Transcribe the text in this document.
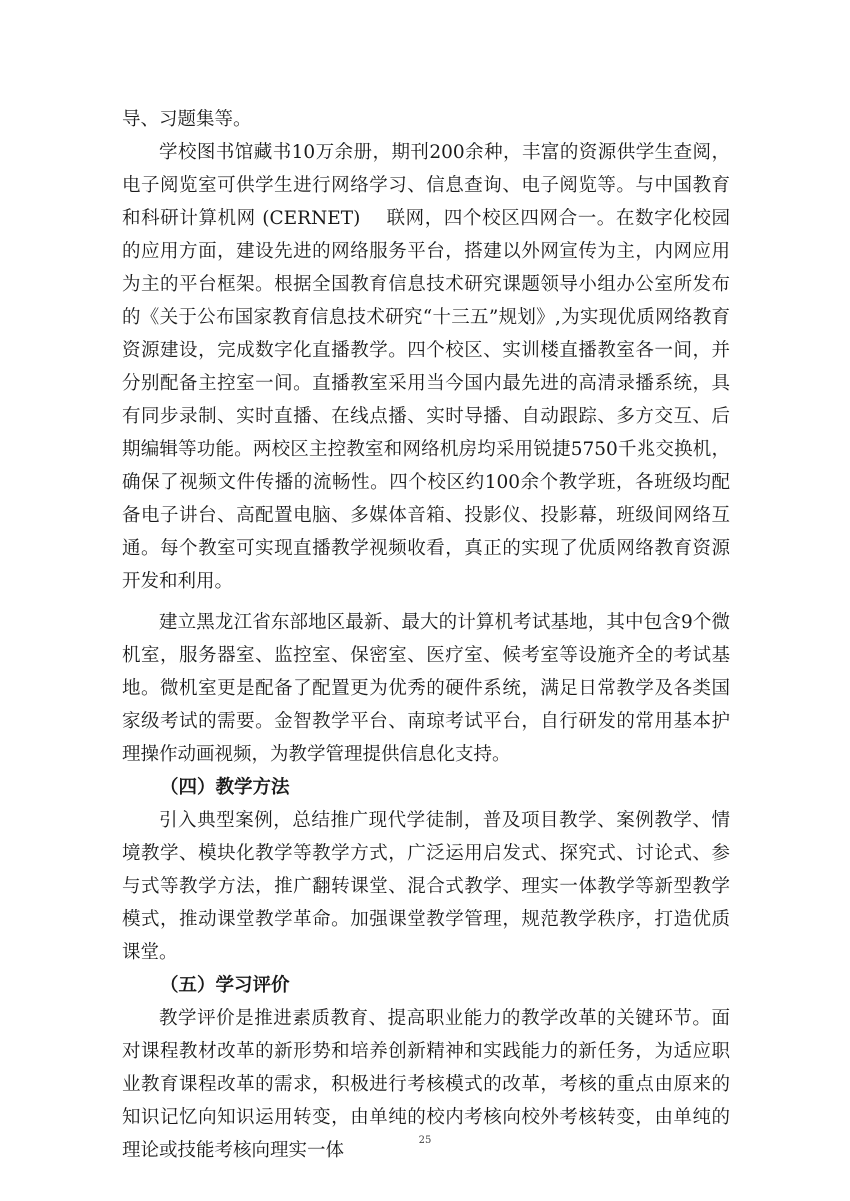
导、习题集等。

学校图书馆藏书10万余册，期刊200余种，丰富的资源供学生查阅，电子阅览室可供学生进行网络学习、信息查询、电子阅览等。与中国教育和科研计算机网 (CERNET)　 联网，四个校区四网合一。在数字化校园的应用方面，建设先进的网络服务平台，搭建以外网宣传为主，内网应用为主的平台框架。根据全国教育信息技术研究课题领导小组办公室所发布的《关于公布国家教育信息技术研究“十三五”规划》,为实现优质网络教育资源建设，完成数字化直播教学。四个校区、实训楼直播教室各一间，并分别配备主控室一间。直播教室采用当今国内最先进的高清录播系统，具有同步录制、实时直播、在线点播、实时导播、自动跟踪、多方交互、后期编辑等功能。两校区主控教室和网络机房均采用锐捷5750千兆交换机，确保了视频文件传播的流畅性。四个校区约100余个教学班，各班级均配备电子讲台、高配置电脑、多媒体音箱、投影仪、投影幕，班级间网络互通。每个教室可实现直播教学视频收看，真正的实现了优质网络教育资源开发和利用。

建立黑龙江省东部地区最新、最大的计算机考试基地，其中包含9个微机室，服务器室、监控室、保密室、医疗室、候考室等设施齐全的考试基地。微机室更是配备了配置更为优秀的硬件系统，满足日常教学及各类国家级考试的需要。金智教学平台、南琼考试平台，自行研发的常用基本护理操作动画视频，为教学管理提供信息化支持。

（四）教学方法

引入典型案例，总结推广现代学徒制，普及项目教学、案例教学、情境教学、模块化教学等教学方式，广泛运用启发式、探究式、讨论式、参与式等教学方法，推广翻转课堂、混合式教学、理实一体教学等新型教学模式，推动课堂教学革命。加强课堂教学管理，规范教学秩序，打造优质课堂。

（五）学习评价

教学评价是推进素质教育、提高职业能力的教学改革的关键环节。面对课程教材改革的新形势和培养创新精神和实践能力的新任务，为适应职业教育课程改革的需求，积极进行考核模式的改革，考核的重点由原来的知识记忆向知识运用转变，由单纯的校内考核向校外考核转变，由单纯的理论或技能考核向理实一体	25
